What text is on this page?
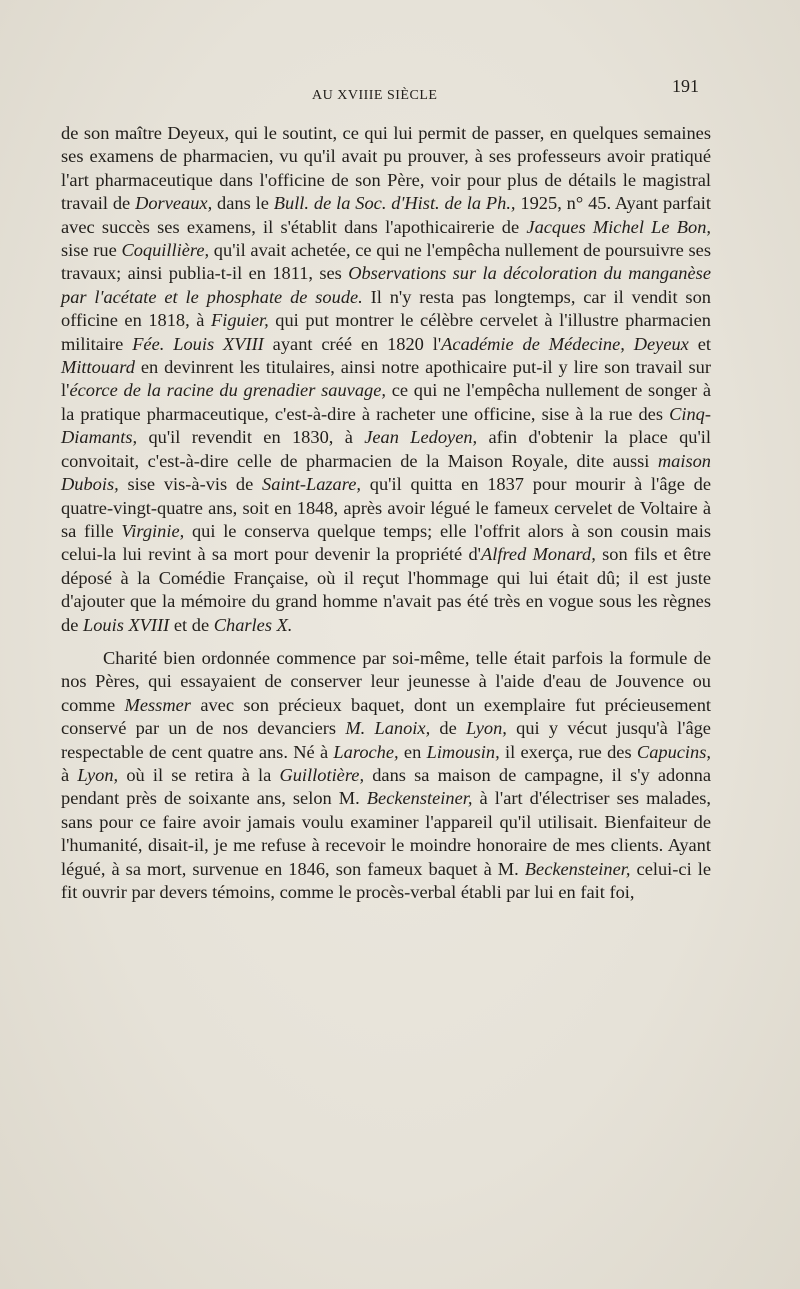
AU XVIIIE SIÈCLE	191

de son maître Deyeux, qui le soutint, ce qui lui permit de passer, en quelques semaines ses examens de pharmacien, vu qu'il avait pu prouver, à ses professeurs avoir pratiqué l'art pharmaceutique dans l'officine de son Père, voir pour plus de détails le magistral travail de Dorveaux, dans le Bull. de la Soc. d'Hist. de la Ph., 1925, n° 45. Ayant parfait avec succès ses examens, il s'établit dans l'apothicairerie de Jacques Michel Le Bon, sise rue Coquillière, qu'il avait achetée, ce qui ne l'empêcha nullement de poursuivre ses travaux; ainsi publia-t-il en 1811, ses Observations sur la décoloration du manganèse par l'acétate et le phosphate de soude. Il n'y resta pas longtemps, car il vendit son officine en 1818, à Figuier, qui put montrer le célèbre cervelet à l'illustre pharmacien militaire Fée. Louis XVIII ayant créé en 1820 l'Académie de Médecine, Deyeux et Mittouard en devinrent les titulaires, ainsi notre apothicaire put-il y lire son travail sur l'écorce de la racine du grenadier sauvage, ce qui ne l'empêcha nullement de songer à la pratique pharmaceutique, c'est-à-dire à racheter une officine, sise à la rue des Cinq-Diamants, qu'il revendit en 1830, à Jean Ledoyen, afin d'obtenir la place qu'il convoitait, c'est-à-dire celle de pharmacien de la Maison Royale, dite aussi maison Dubois, sise vis-à-vis de Saint-Lazare, qu'il quitta en 1837 pour mourir à l'âge de quatre-vingt-quatre ans, soit en 1848, après avoir légué le fameux cervelet de Voltaire à sa fille Virginie, qui le conserva quelque temps; elle l'offrit alors à son cousin mais celui-la lui revint à sa mort pour devenir la propriété d'Alfred Monard, son fils et être déposé à la Comédie Française, où il reçut l'hommage qui lui était dû; il est juste d'ajouter que la mémoire du grand homme n'avait pas été très en vogue sous les règnes de Louis XVIII et de Charles X.

Charité bien ordonnée commence par soi-même, telle était parfois la formule de nos Pères, qui essayaient de conserver leur jeunesse à l'aide d'eau de Jouvence ou comme Messmer avec son précieux baquet, dont un exemplaire fut précieusement conservé par un de nos devanciers M. Lanoix, de Lyon, qui y vécut jusqu'à l'âge respectable de cent quatre ans. Né à Laroche, en Limousin, il exerça, rue des Capucins, à Lyon, où il se retira à la Guillotière, dans sa maison de campagne, il s'y adonna pendant près de soixante ans, selon M. Beckensteiner, à l'art d'électriser ses malades, sans pour ce faire avoir jamais voulu examiner l'appareil qu'il utilisait. Bienfaiteur de l'humanité, disait-il, je me refuse à recevoir le moindre honoraire de mes clients. Ayant légué, à sa mort, survenue en 1846, son fameux baquet à M. Beckensteiner, celui-ci le fit ouvrir par devers témoins, comme le procès-verbal établi par lui en fait foi,
